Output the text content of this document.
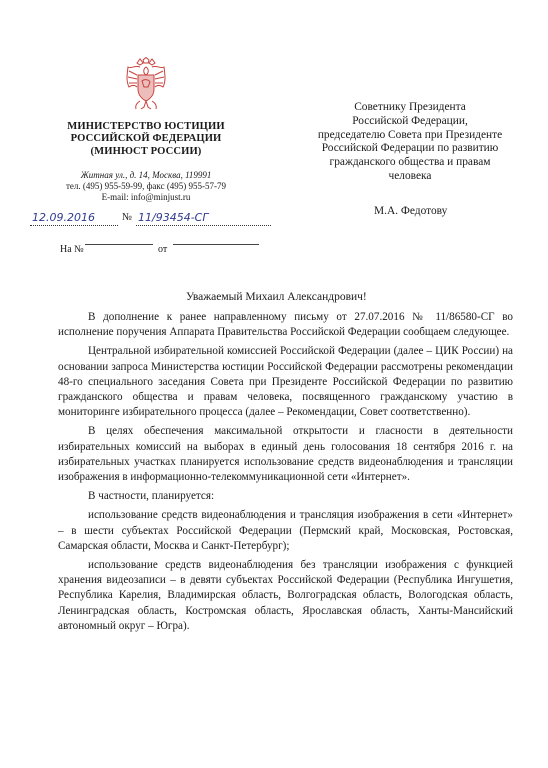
МИНИСТЕРСТВО ЮСТИЦИИ
РОССИЙСКОЙ ФЕДЕРАЦИИ
(МИНЮСТ РОССИИ)
Житная ул., д. 14, Москва, 119991
тел. (495) 955-59-99, факс (495) 955-57-79
E-mail: info@minjust.ru
12.09.2016	№ 11/93454-СГ
На №	от
Советнику Президента
Российской Федерации,
председателю Совета при Президенте
Российской Федерации по развитию
гражданского общества и правам
человека
М.А. Федотову
Уважаемый Михаил Александрович!

В дополнение к ранее направленному письму от 27.07.2016 № 11/86580-СГ во исполнение поручения Аппарата Правительства Российской Федерации сообщаем следующее.

Центральной избирательной комиссией Российской Федерации (далее – ЦИК России) на основании запроса Министерства юстиции Российской Федерации рассмотрены рекомендации 48-го специального заседания Совета при Президенте Российской Федерации по развитию гражданского общества и правам человека, посвященного гражданскому участию в мониторинге избирательного процесса (далее – Рекомендации, Совет соответственно).

В целях обеспечения максимальной открытости и гласности в деятельности избирательных комиссий на выборах в единый день голосования 18 сентября 2016 г. на избирательных участках планируется использование средств видеонаблюдения и трансляции изображения в информационно-телекоммуникационной сети «Интернет».

В частности, планируется:

использование средств видеонаблюдения и трансляция изображения в сети «Интернет» – в шести субъектах Российской Федерации (Пермский край, Московская, Ростовская, Самарская области, Москва и Санкт-Петербург);

использование средств видеонаблюдения без трансляции изображения с функцией хранения видеозаписи – в девяти субъектах Российской Федерации (Республика Ингушетия, Республика Карелия, Владимирская область, Волгоградская область, Вологодская область, Ленинградская область, Костромская область, Ярославская область, Ханты-Мансийский автономный округ – Югра).
